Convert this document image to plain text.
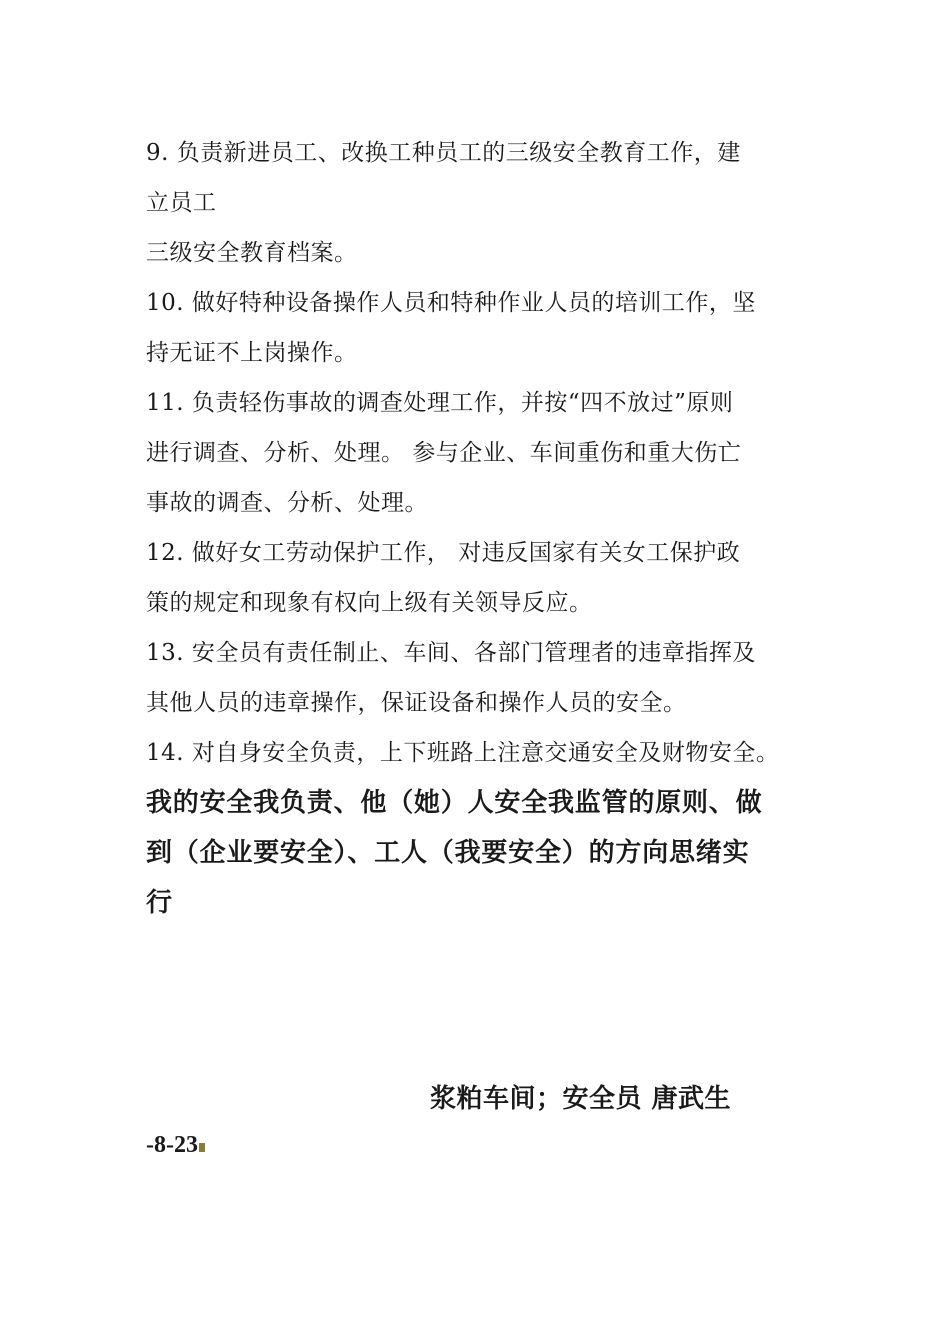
9. 负责新进员工、改换工种员工的三级安全教育工作，建
立员工
三级安全教育档案。
10. 做好特种设备操作人员和特种作业人员的培训工作，坚
持无证不上岗操作。
11. 负责轻伤事故的调查处理工作，并按“四不放过”原则
进行调查、分析、处理。 参与企业、车间重伤和重大伤亡
事故的调查、分析、处理。
12. 做好女工劳动保护工作， 对违反国家有关女工保护政
策的规定和现象有权向上级有关领导反应。
13. 安全员有责任制止、车间、各部门管理者的违章指挥及
其他人员的违章操作，保证设备和操作人员的安全。
14. 对自身安全负责，上下班路上注意交通安全及财物安全。
我的安全我负责、他（她）人安全我监管的原则、做
到（企业要安全）、工人（我要安全）的方向思绪实
行
浆粕车间；安全员 唐武生
-8-23
